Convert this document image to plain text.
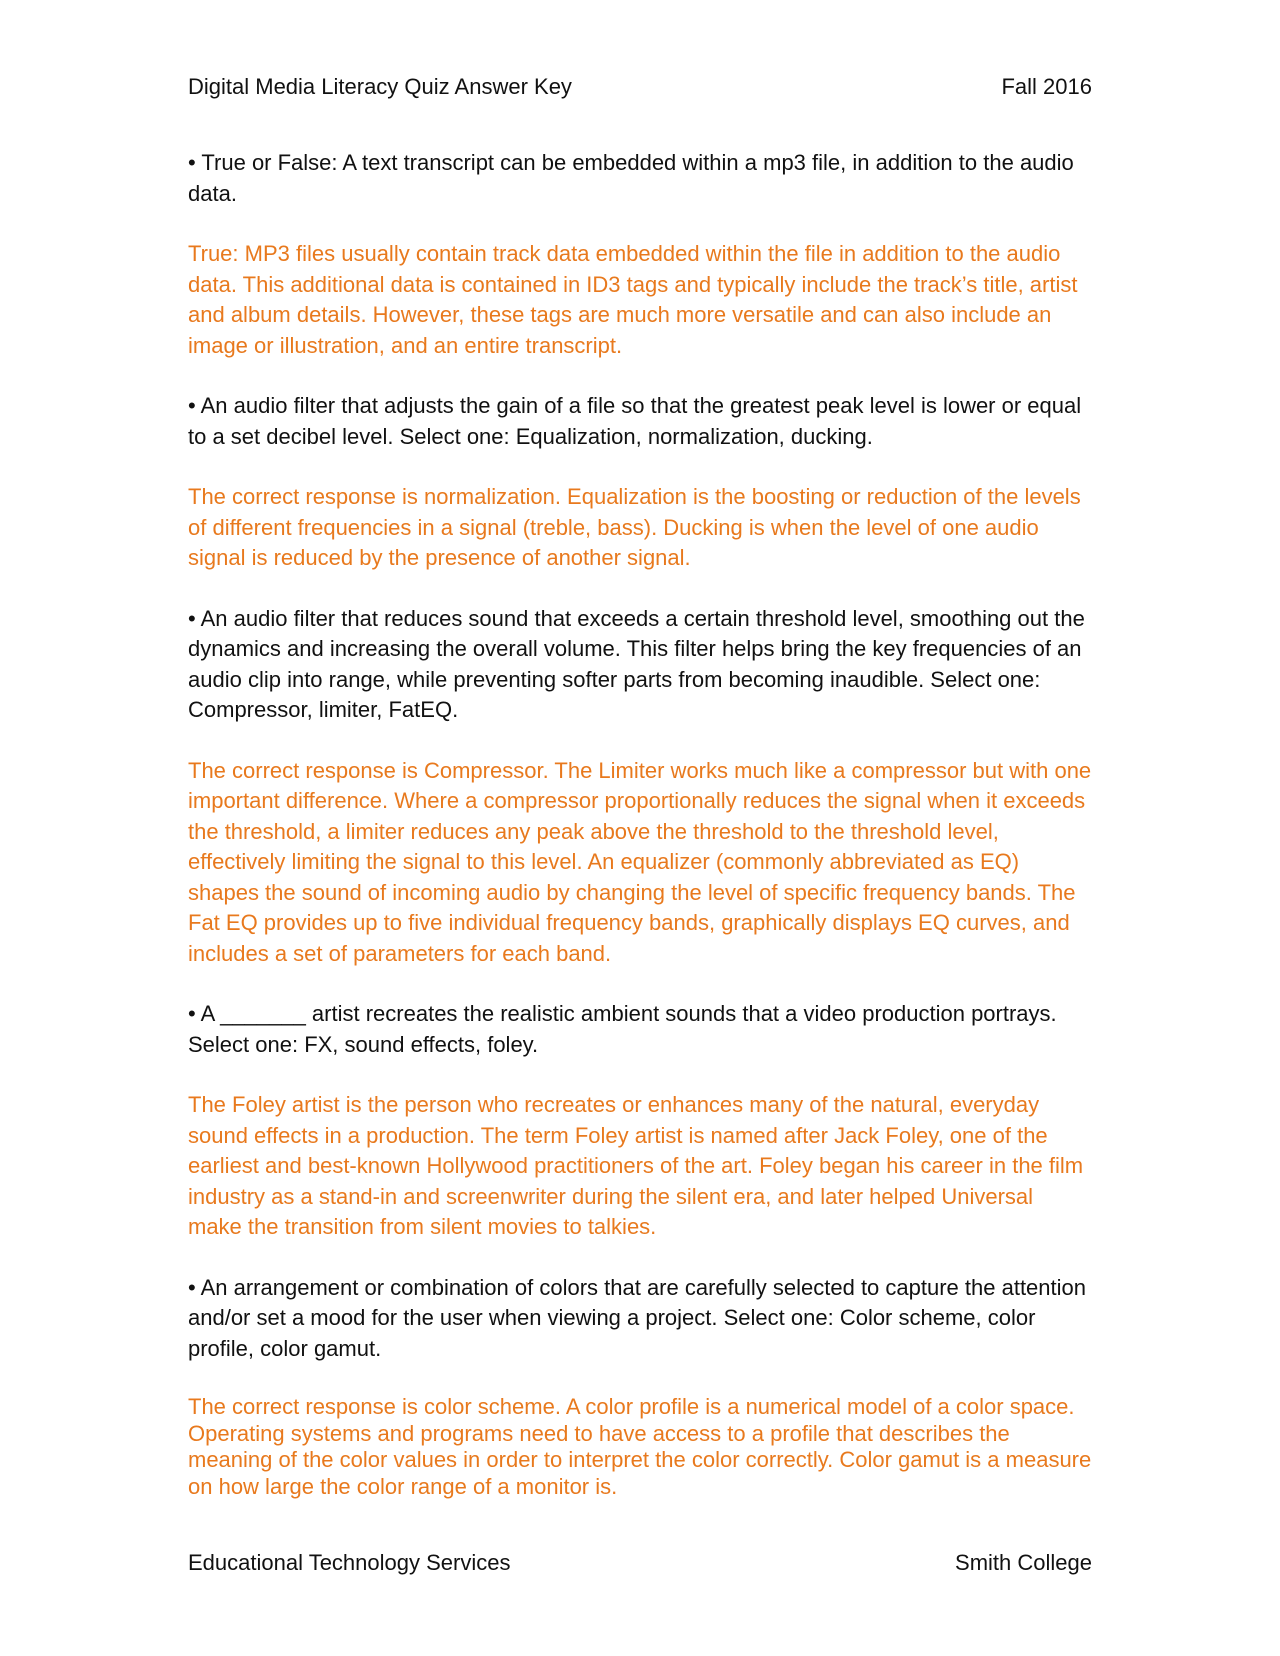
Digital Media Literacy Quiz Answer Key	Fall 2016

• True or False: A text transcript can be embedded within a mp3 file, in addition to the audio data.

True: MP3 files usually contain track data embedded within the file in addition to the audio data. This additional data is contained in ID3 tags and typically include the track’s title, artist and album details. However, these tags are much more versatile and can also include an image or illustration, and an entire transcript.

• An audio filter that adjusts the gain of a file so that the greatest peak level is lower or equal to a set decibel level. Select one: Equalization, normalization, ducking.

The correct response is normalization. Equalization is the boosting or reduction of the levels of different frequencies in a signal (treble, bass). Ducking is when the level of one audio signal is reduced by the presence of another signal.

• An audio filter that reduces sound that exceeds a certain threshold level, smoothing out the dynamics and increasing the overall volume. This filter helps bring the key frequencies of an audio clip into range, while preventing softer parts from becoming inaudible. Select one: Compressor, limiter, FatEQ.

The correct response is Compressor. The Limiter works much like a compressor but with one important difference. Where a compressor proportionally reduces the signal when it exceeds the threshold, a limiter reduces any peak above the threshold to the threshold level, effectively limiting the signal to this level. An equalizer (commonly abbreviated as EQ) shapes the sound of incoming audio by changing the level of specific frequency bands. The Fat EQ provides up to five individual frequency bands, graphically displays EQ curves, and includes a set of parameters for each band.

• A _______ artist recreates the realistic ambient sounds that a video production portrays. Select one: FX, sound effects, foley.

The Foley artist is the person who recreates or enhances many of the natural, everyday sound effects in a production. The term Foley artist is named after Jack Foley, one of the earliest and best-known Hollywood practitioners of the art. Foley began his career in the film industry as a stand-in and screenwriter during the silent era, and later helped Universal make the transition from silent movies to talkies.

• An arrangement or combination of colors that are carefully selected to capture the attention and/or set a mood for the user when viewing a project. Select one: Color scheme, color profile, color gamut.

The correct response is color scheme. A color profile is a numerical model of a color space. Operating systems and programs need to have access to a profile that describes the meaning of the color values in order to interpret the color correctly. Color gamut is a measure on how large the color range of a monitor is.

Educational Technology Services	Smith College
